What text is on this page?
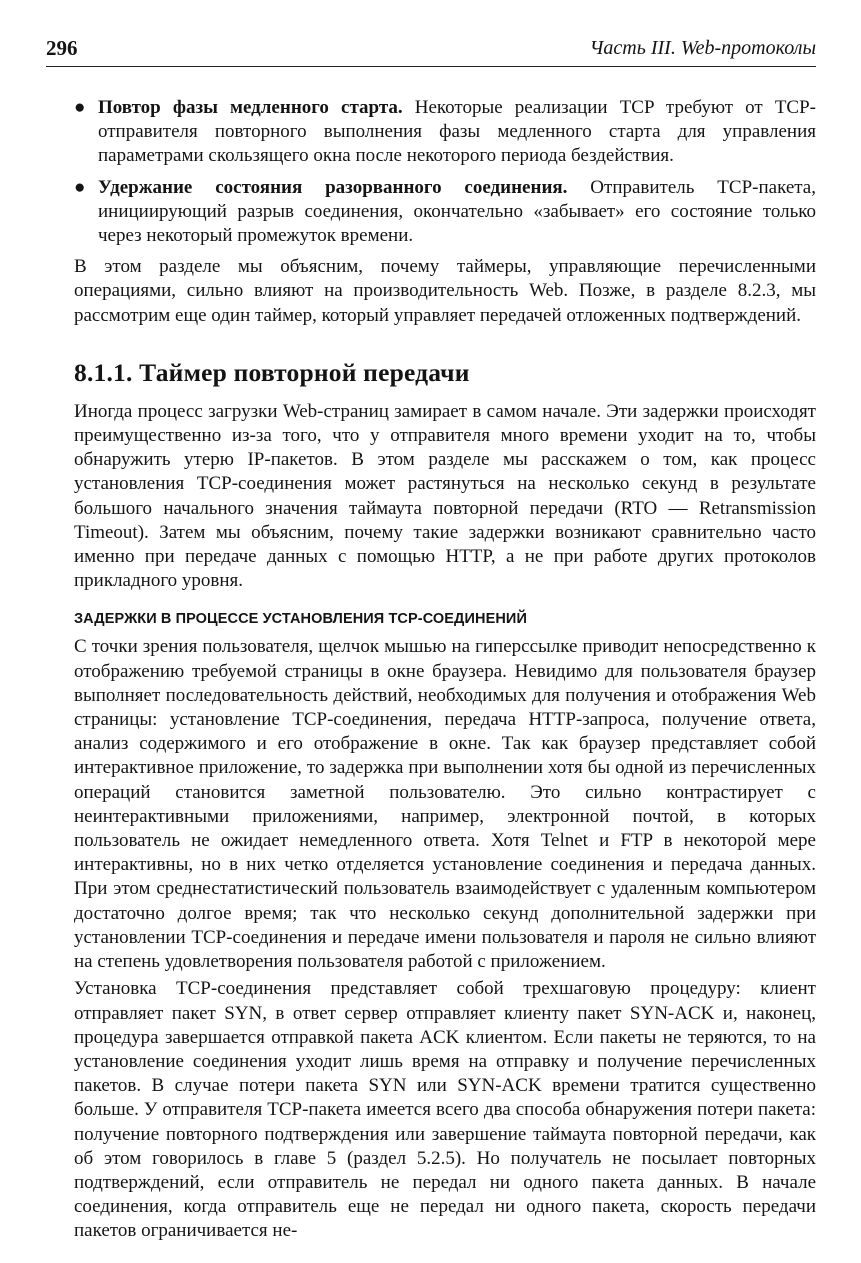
296	Часть III. Web-протоколы
● Повтор фазы медленного старта. Некоторые реализации TCP требуют от TCP-отправителя повторного выполнения фазы медленного старта для управления параметрами скользящего окна после некоторого периода бездействия.
● Удержание состояния разорванного соединения. Отправитель TCP-пакета, инициирующий разрыв соединения, окончательно «забывает» его состояние только через некоторый промежуток времени.

В этом разделе мы объясним, почему таймеры, управляющие перечисленными операциями, сильно влияют на производительность Web. Позже, в разделе 8.2.3, мы рассмотрим еще один таймер, который управляет передачей отложенных подтверждений.

8.1.1. Таймер повторной передачи

Иногда процесс загрузки Web-страниц замирает в самом начале. Эти задержки происходят преимущественно из-за того, что у отправителя много времени уходит на то, чтобы обнаружить утерю IP-пакетов. В этом разделе мы расскажем о том, как процесс установления TCP-соединения может растянуться на несколько секунд в результате большого начального значения таймаута повторной передачи (RTO — Retransmission Timeout). Затем мы объясним, почему такие задержки возникают сравнительно часто именно при передаче данных с помощью HTTP, а не при работе других протоколов прикладного уровня.

ЗАДЕРЖКИ В ПРОЦЕССЕ УСТАНОВЛЕНИЯ TCP-СОЕДИНЕНИЙ

С точки зрения пользователя, щелчок мышью на гиперссылке приводит непосредственно к отображению требуемой страницы в окне браузера. Невидимо для пользователя браузер выполняет последовательность действий, необходимых для получения и отображения Web страницы: установление TCP-соединения, передача HTTP-запроса, получение ответа, анализ содержимого и его отображение в окне. Так как браузер представляет собой интерактивное приложение, то задержка при выполнении хотя бы одной из перечисленных операций становится заметной пользователю. Это сильно контрастирует с неинтерактивными приложениями, например, электронной почтой, в которых пользователь не ожидает немедленного ответа. Хотя Telnet и FTP в некоторой мере интерактивны, но в них четко отделяется установление соединения и передача данных. При этом среднестатистический пользователь взаимодействует с удаленным компьютером достаточно долгое время; так что несколько секунд дополнительной задержки при установлении TCP-соединения и передаче имени пользователя и пароля не сильно влияют на степень удовлетворения пользователя работой с приложением.

Установка TCP-соединения представляет собой трехшаговую процедуру: клиент отправляет пакет SYN, в ответ сервер отправляет клиенту пакет SYN-ACK и, наконец, процедура завершается отправкой пакета ACK клиентом. Если пакеты не теряются, то на установление соединения уходит лишь время на отправку и получение перечисленных пакетов. В случае потери пакета SYN или SYN-ACK времени тратится существенно больше. У отправителя TCP-пакета имеется всего два способа обнаружения потери пакета: получение повторного подтверждения или завершение таймаута повторной передачи, как об этом говорилось в главе 5 (раздел 5.2.5). Но получатель не посылает повторных подтверждений, если отправитель не передал ни одного пакета данных. В начале соединения, когда отправитель еще не передал ни одного пакета, скорость передачи пакетов ограничивается не-
